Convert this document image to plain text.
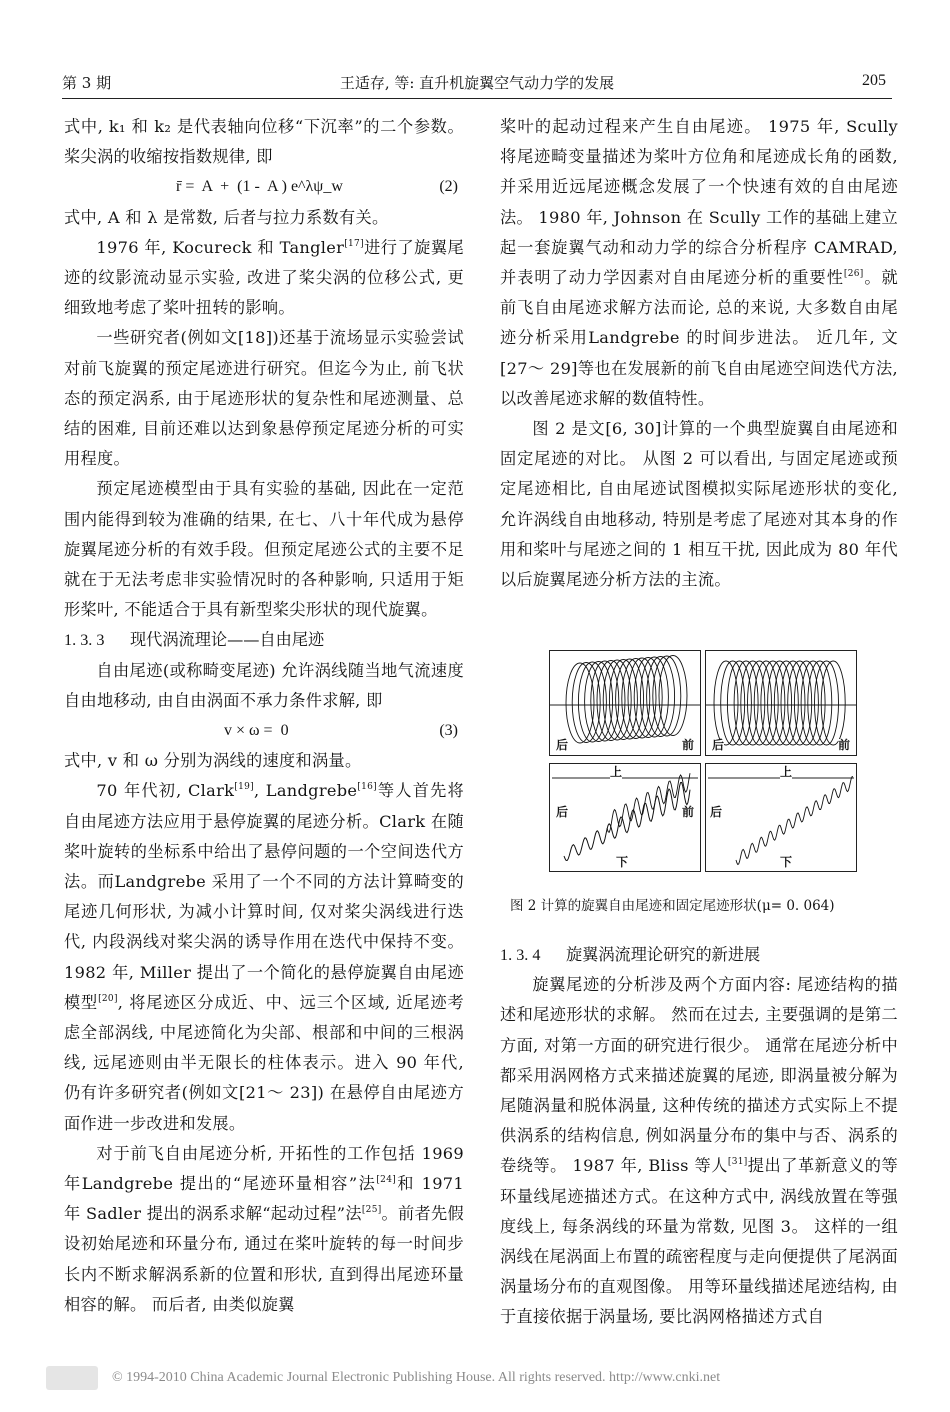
第 3 期	王适存, 等: 直升机旋翼空气动力学的发展	205

式中, k₁ 和 k₂ 是代表轴向位移“下沉率”的二个参数。 桨尖涡的收缩按指数规律, 即

r̄ =  A  +  (1 -  A ) e^λψ_w	(2)

式中, A 和 λ 是常数, 后者与拉力系数有关。

1976 年, Kocureck 和 Tangler[17]进行了旋翼尾迹的纹影流动显示实验, 改进了桨尖涡的位移公式, 更细致地考虑了桨叶扭转的影响。

一些研究者(例如文[18])还基于流场显示实验尝试对前飞旋翼的预定尾迹进行研究。但迄今为止, 前飞状态的预定涡系, 由于尾迹形状的复杂性和尾迹测量、总结的困难, 目前还难以达到象悬停预定尾迹分析的可实用程度。

预定尾迹模型由于具有实验的基础, 因此在一定范围内能得到较为准确的结果, 在七、八十年代成为悬停旋翼尾迹分析的有效手段。但预定尾迹公式的主要不足就在于无法考虑非实验情况时的各种影响, 只适用于矩形桨叶, 不能适合于具有新型桨尖形状的现代旋翼。

1. 3. 3 现代涡流理论——自由尾迹

自由尾迹(或称畸变尾迹) 允许涡线随当地气流速度自由地移动, 由自由涡面不承力条件求解, 即

v × ω =  0	(3)

式中, v 和 ω 分别为涡线的速度和涡量。

70 年代初, Clark[19], Landgrebe[16]等人首先将自由尾迹方法应用于悬停旋翼的尾迹分析。Clark 在随桨叶旋转的坐标系中给出了悬停问题的一个空间迭代方法。而Landgrebe 采用了一个不同的方法计算畸变的尾迹几何形状, 为减小计算时间, 仅对桨尖涡线进行迭代, 内段涡线对桨尖涡的诱导作用在迭代中保持不变。1982 年, Miller 提出了一个简化的悬停旋翼自由尾迹模型[20], 将尾迹区分成近、中、远三个区域, 近尾迹考虑全部涡线, 中尾迹简化为尖部、根部和中间的三根涡线, 远尾迹则由半无限长的柱体表示。进入 90 年代, 仍有许多研究者(例如文[21～ 23]) 在悬停自由尾迹方面作进一步改进和发展。

对于前飞自由尾迹分析, 开拓性的工作包括 1969 年Landgrebe 提出的“尾迹环量相容”法[24]和 1971 年 Sadler 提出的涡系求解“起动过程”法[25]。前者先假设初始尾迹和环量分布, 通过在桨叶旋转的每一时间步长内不断求解涡系新的位置和形状, 直到得出尾迹环量相容的解。 而后者, 由类似旋翼

桨叶的起动过程来产生自由尾迹。 1975 年, Scully 将尾迹畸变量描述为桨叶方位角和尾迹成长角的函数, 并采用近远尾迹概念发展了一个快速有效的自由尾迹法。 1980 年, Johnson 在 Scully 工作的基础上建立起一套旋翼气动和动力学的综合分析程序 CAMRAD, 并表明了动力学因素对自由尾迹分析的重要性[26]。就前飞自由尾迹求解方法而论, 总的来说, 大多数自由尾迹分析采用Landgrebe 的时间步进法。 近几年, 文[27～ 29]等也在发展新的前飞自由尾迹空间迭代方法, 以改善尾迹求解的数值特性。

图 2 是文[6, 30]计算的一个典型旋翼自由尾迹和固定尾迹的对比。 从图 2 可以看出, 与固定尾迹或预定尾迹相比, 自由尾迹试图模拟实际尾迹形状的变化, 允许涡线自由地移动, 特别是考虑了尾迹对其本身的作用和桨叶与尾迹之间的 1 相互干扰, 因此成为 80 年代以后旋翼尾迹分析方法的主流。

后	前 后	前
上
后	前
下
上
后
下
图 2 计算的旋翼自由尾迹和固定尾迹形状(μ= 0. 064)

1. 3. 4 旋翼涡流理论研究的新进展

旋翼尾迹的分析涉及两个方面内容: 尾迹结构的描述和尾迹形状的求解。 然而在过去, 主要强调的是第二方面, 对第一方面的研究进行很少。 通常在尾迹分析中都采用涡网格方式来描述旋翼的尾迹, 即涡量被分解为尾随涡量和脱体涡量, 这种传统的描述方式实际上不提供涡系的结构信息, 例如涡量分布的集中与否、涡系的卷绕等。 1987 年, Bliss 等人[31]提出了革新意义的等环量线尾迹描述方式。在这种方式中, 涡线放置在等强度线上, 每条涡线的环量为常数, 见图 3。 这样的一组涡线在尾涡面上布置的疏密程度与走向便提供了尾涡面涡量场分布的直观图像。 用等环量线描述尾迹结构, 由于直接依据于涡量场, 要比涡网格描述方式自

© 1994-2010 China Academic Journal Electronic Publishing House. All rights reserved. http://www.cnki.net
